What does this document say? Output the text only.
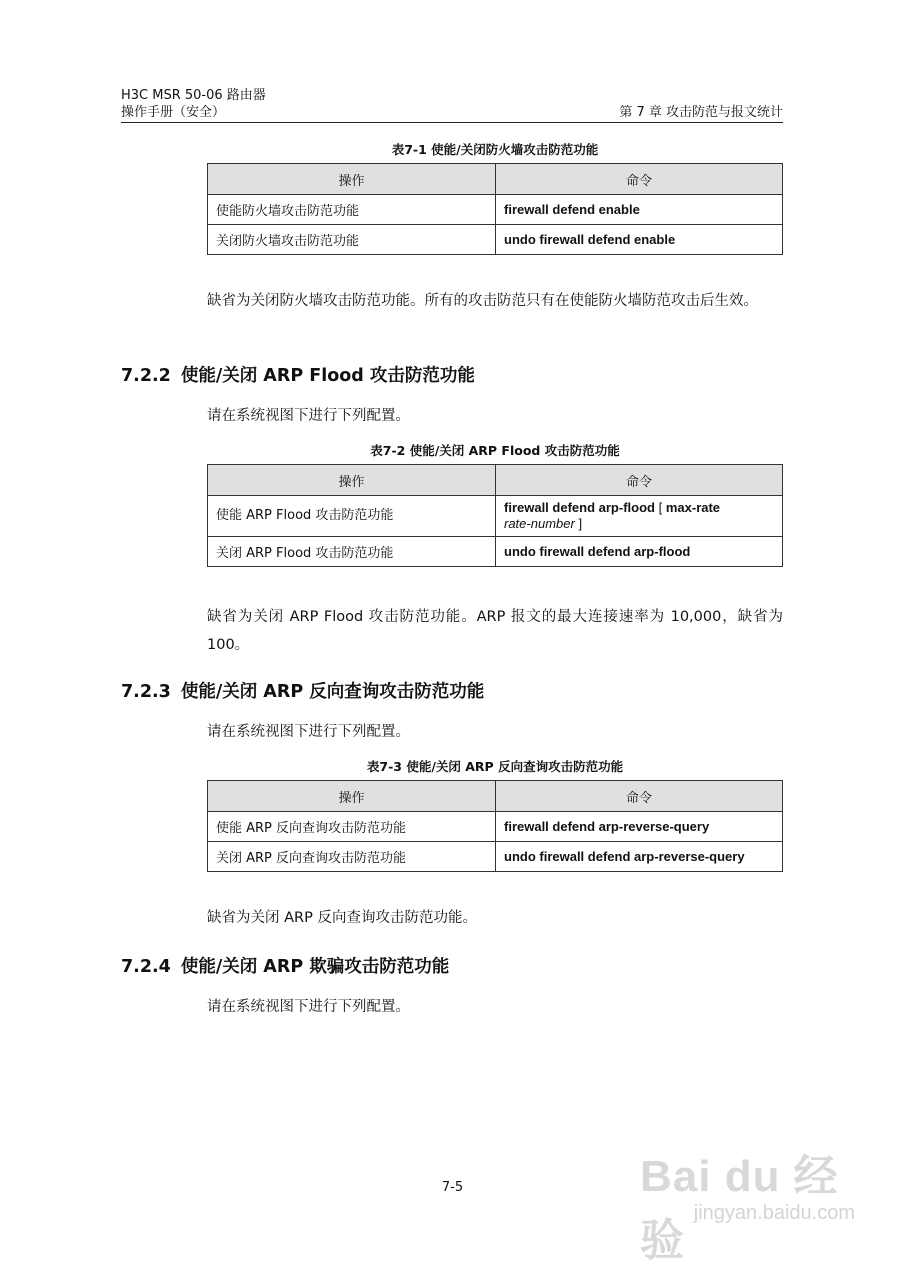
H3C MSR 50-06 路由器
操作手册（安全）	第 7 章 攻击防范与报文统计
表7-1 使能/关闭防火墙攻击防范功能
操作	命令
使能防火墙攻击防范功能	firewall defend enable
关闭防火墙攻击防范功能	undo firewall defend enable
缺省为关闭防火墙攻击防范功能。所有的攻击防范只有在使能防火墙防范攻击后生效。
7.2.2 使能/关闭 ARP Flood 攻击防范功能
请在系统视图下进行下列配置。
表7-2 使能/关闭 ARP Flood 攻击防范功能
操作	命令
使能 ARP Flood 攻击防范功能	firewall defend arp-flood [ max-rate
rate-number ]
关闭 ARP Flood 攻击防范功能	undo firewall defend arp-flood
缺省为关闭 ARP Flood 攻击防范功能。ARP 报文的最大连接速率为 10,000，缺省为 100。
7.2.3 使能/关闭 ARP 反向查询攻击防范功能
请在系统视图下进行下列配置。
表7-3 使能/关闭 ARP 反向查询攻击防范功能
操作	命令
使能 ARP 反向查询攻击防范功能	firewall defend arp-reverse-query
关闭 ARP 反向查询攻击防范功能	undo firewall defend arp-reverse-query
缺省为关闭 ARP 反向查询攻击防范功能。
7.2.4 使能/关闭 ARP 欺骗攻击防范功能
请在系统视图下进行下列配置。
7-5	Bai du 经验
jingyan.baidu.com
